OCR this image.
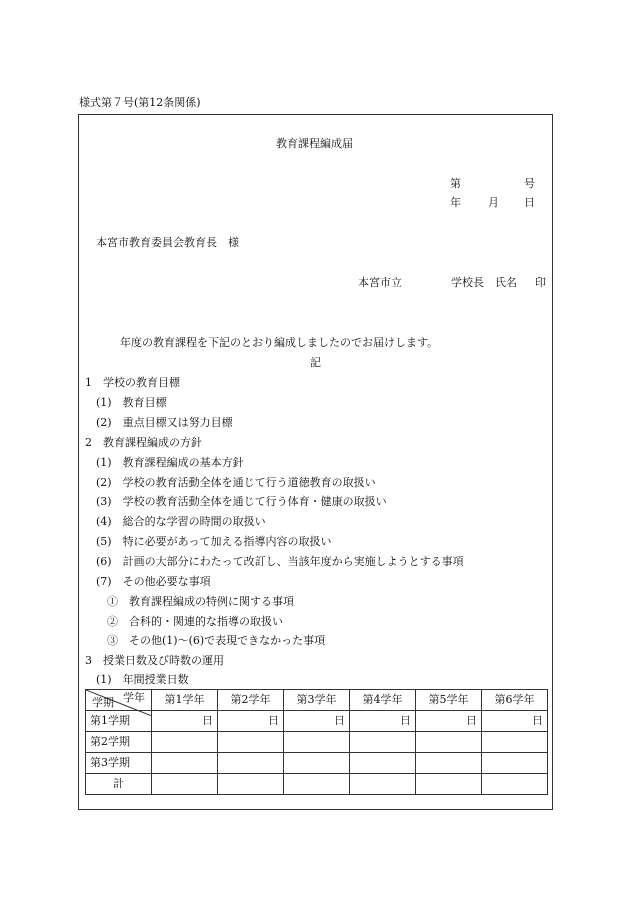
様式第７号(第12条関係)
教育課程編成届
第	号
年 月 日
本宮市教育委員会教育長　様
本宮市立	学校長　氏名 印
年度の教育課程を下記のとおり編成しましたのでお届けします。
記
1　学校の教育目標
(1)　教育目標
(2)　重点目標又は努力目標
2　教育課程編成の方針
(1)　教育課程編成の基本方針
(2)　学校の教育活動全体を通じて行う道徳教育の取扱い
(3)　学校の教育活動全体を通じて行う体育・健康の取扱い
(4)　総合的な学習の時間の取扱い
(5)　特に必要があって加える指導内容の取扱い
(6)　計画の大部分にわたって改訂し、当該年度から実施しようとする事項
(7)　その他必要な事項
①　教育課程編成の特例に関する事項
②　合科的・関連的な指導の取扱い
③　その他(1)～(6)で表現できなかった事項
3　授業日数及び時数の運用
(1)　年間授業日数
学年
学期	第1学年	第2学年	第3学年	第4学年	第5学年	第6学年
第1学期	日	日	日	日	日	日
第2学期						
第3学期						
計						
